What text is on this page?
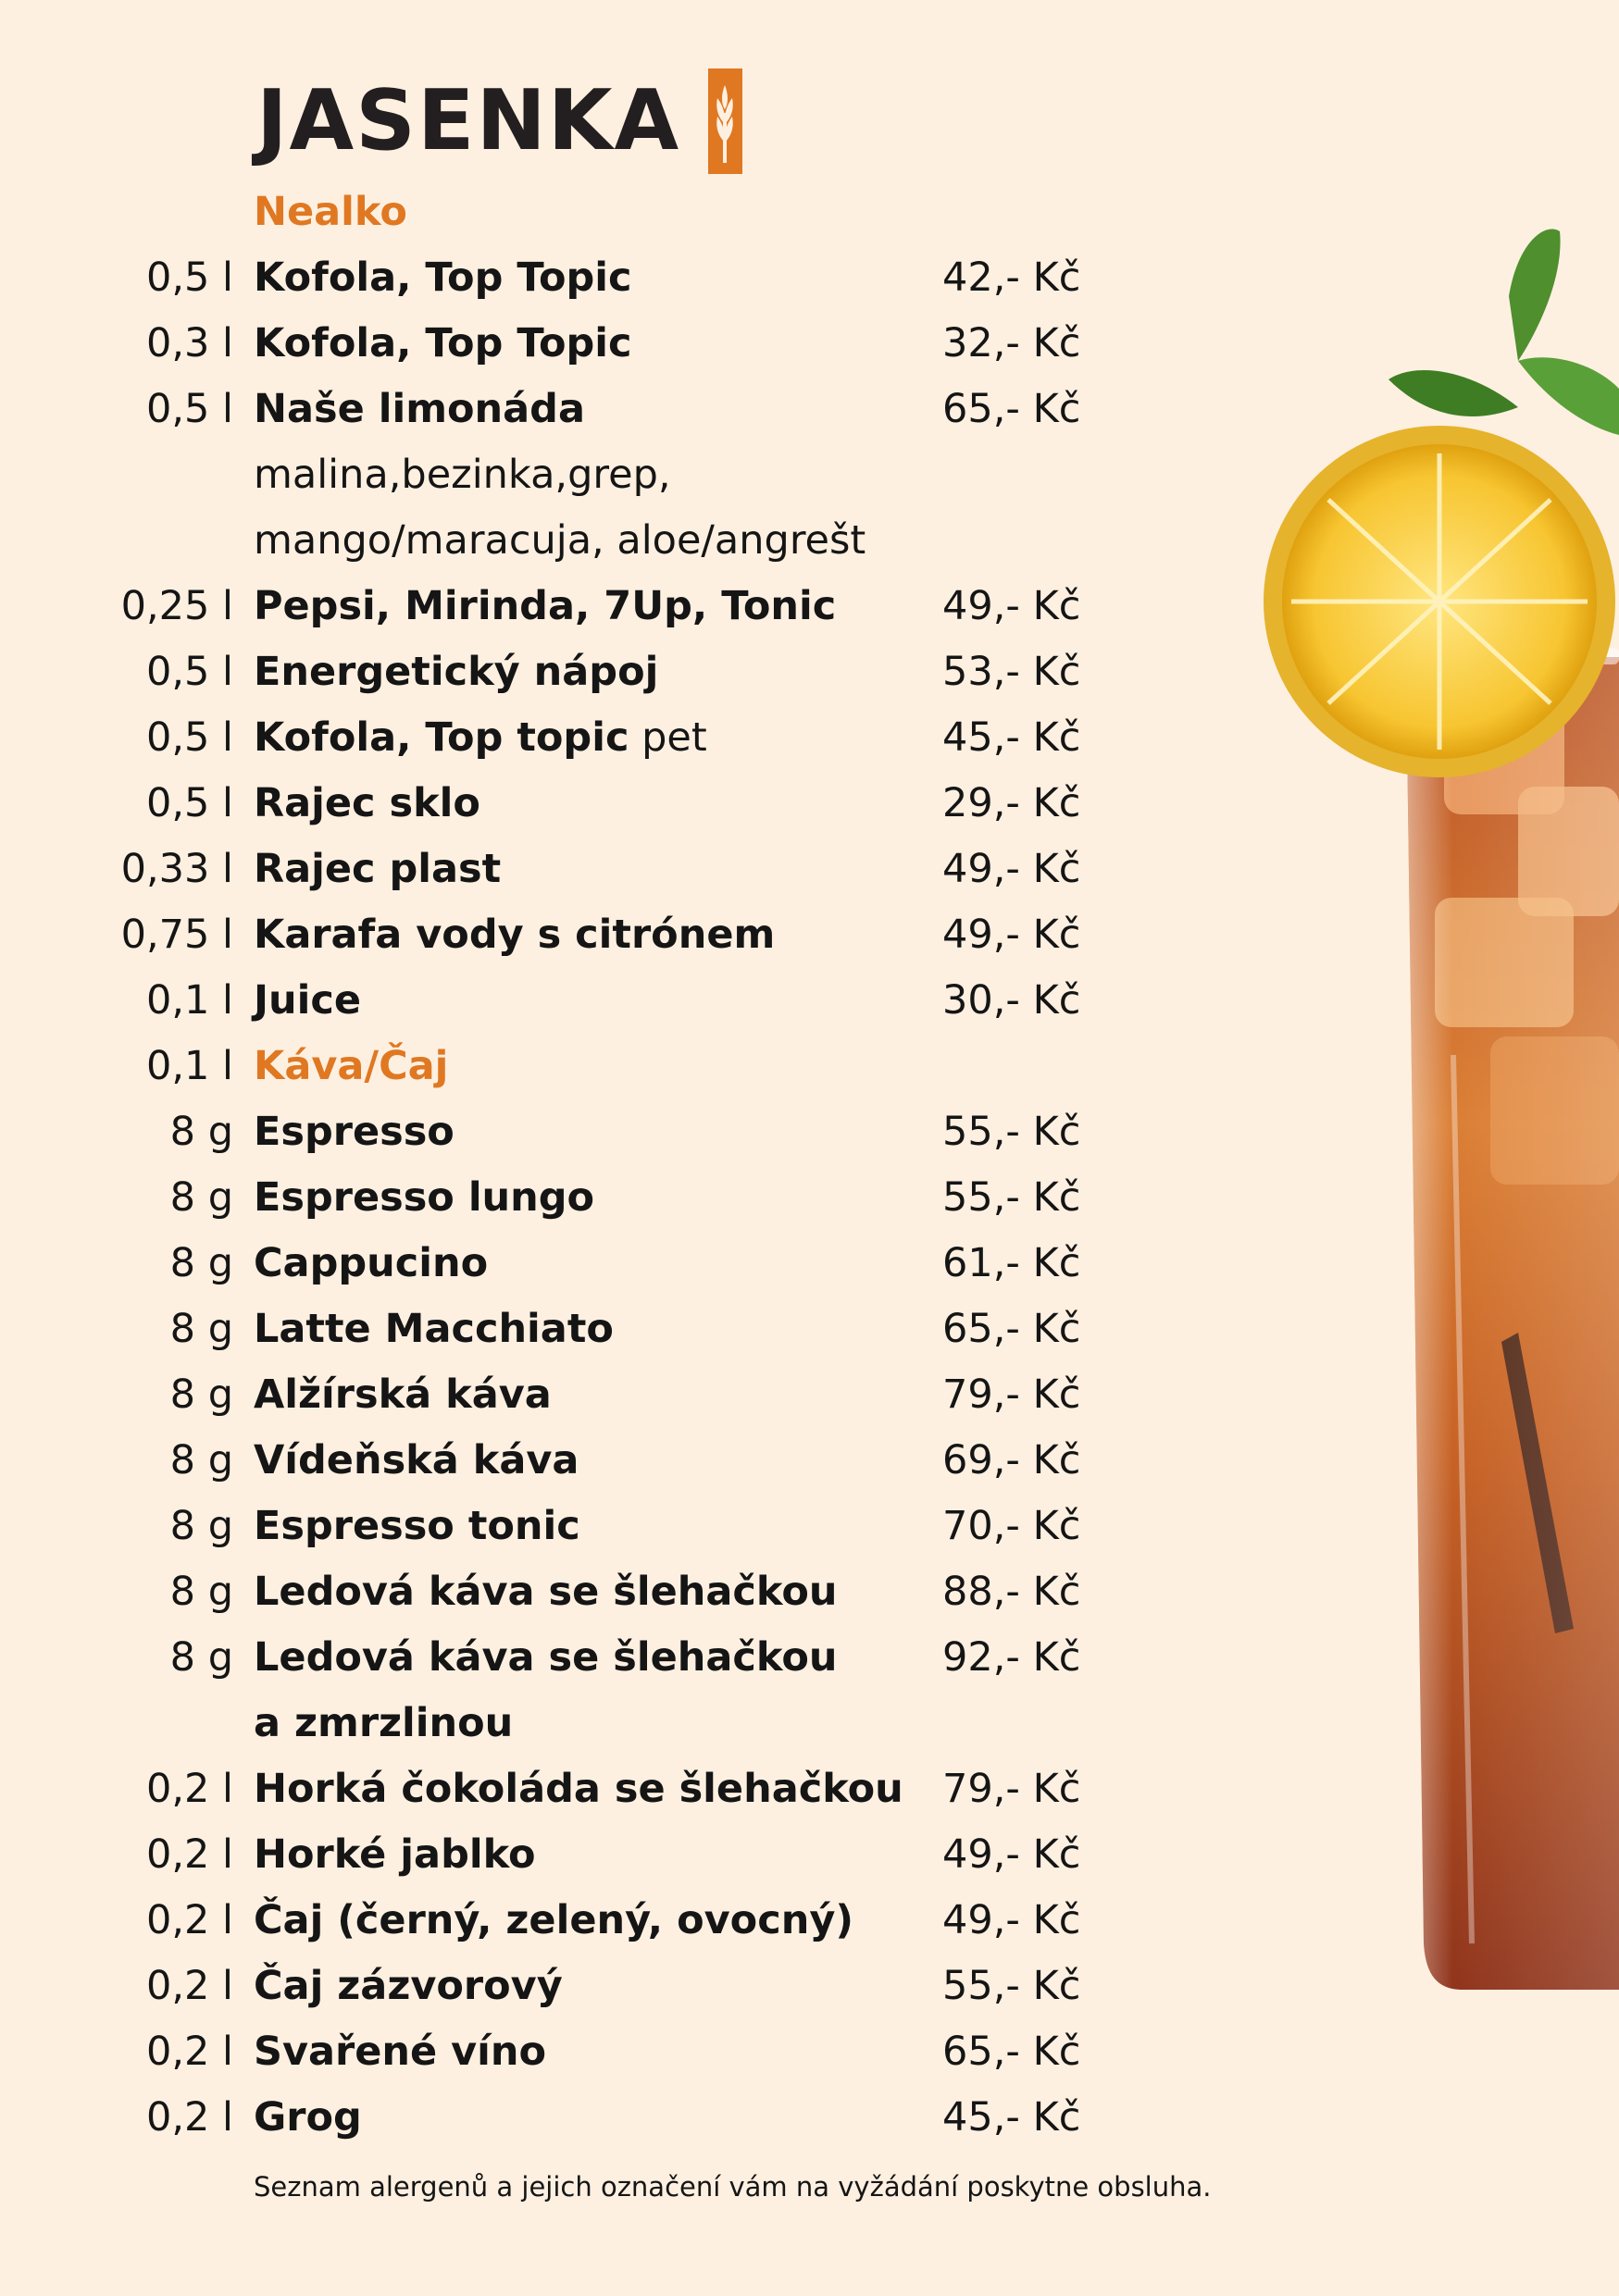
JASENKA
Nealko
0,5 l Kofola, Top Topic	42,- Kč
0,3 l Kofola, Top Topic	32,- Kč
0,5 l Naše limonáda	65,- Kč
malina,bezinka,grep,
mango/maracuja, aloe/angrešt
0,25 l Pepsi, Mirinda, 7Up, Tonic	49,- Kč
0,5 l Energetický nápoj	53,- Kč
0,5 l Kofola, Top topic pet	45,- Kč
0,5 l Rajec sklo	29,- Kč
0,33 l Rajec plast	49,- Kč
0,75 l Karafa vody s citrónem	49,- Kč
0,1 l Juice	30,- Kč
0,1 l Káva/Čaj
8 g Espresso	55,- Kč
8 g Espresso lungo	55,- Kč
8 g Cappucino	61,- Kč
8 g Latte Macchiato	65,- Kč
8 g Alžírská káva	79,- Kč
8 g Vídeňská káva	69,- Kč
8 g Espresso tonic	70,- Kč
8 g Ledová káva se šlehačkou	88,- Kč
8 g Ledová káva se šlehačkou	92,- Kč
a zmrzlinou
0,2 l Horká čokoláda se šlehačkou 79,- Kč
0,2 l Horké jablko	49,- Kč
0,2 l Čaj (černý, zelený, ovocný) 49,- Kč
0,2 l Čaj zázvorový	55,- Kč
0,2 l Svařené víno	65,- Kč
0,2 l Grog	45,- Kč
Seznam alergenů a jejich označení vám na vyžádání poskytne obsluha.
